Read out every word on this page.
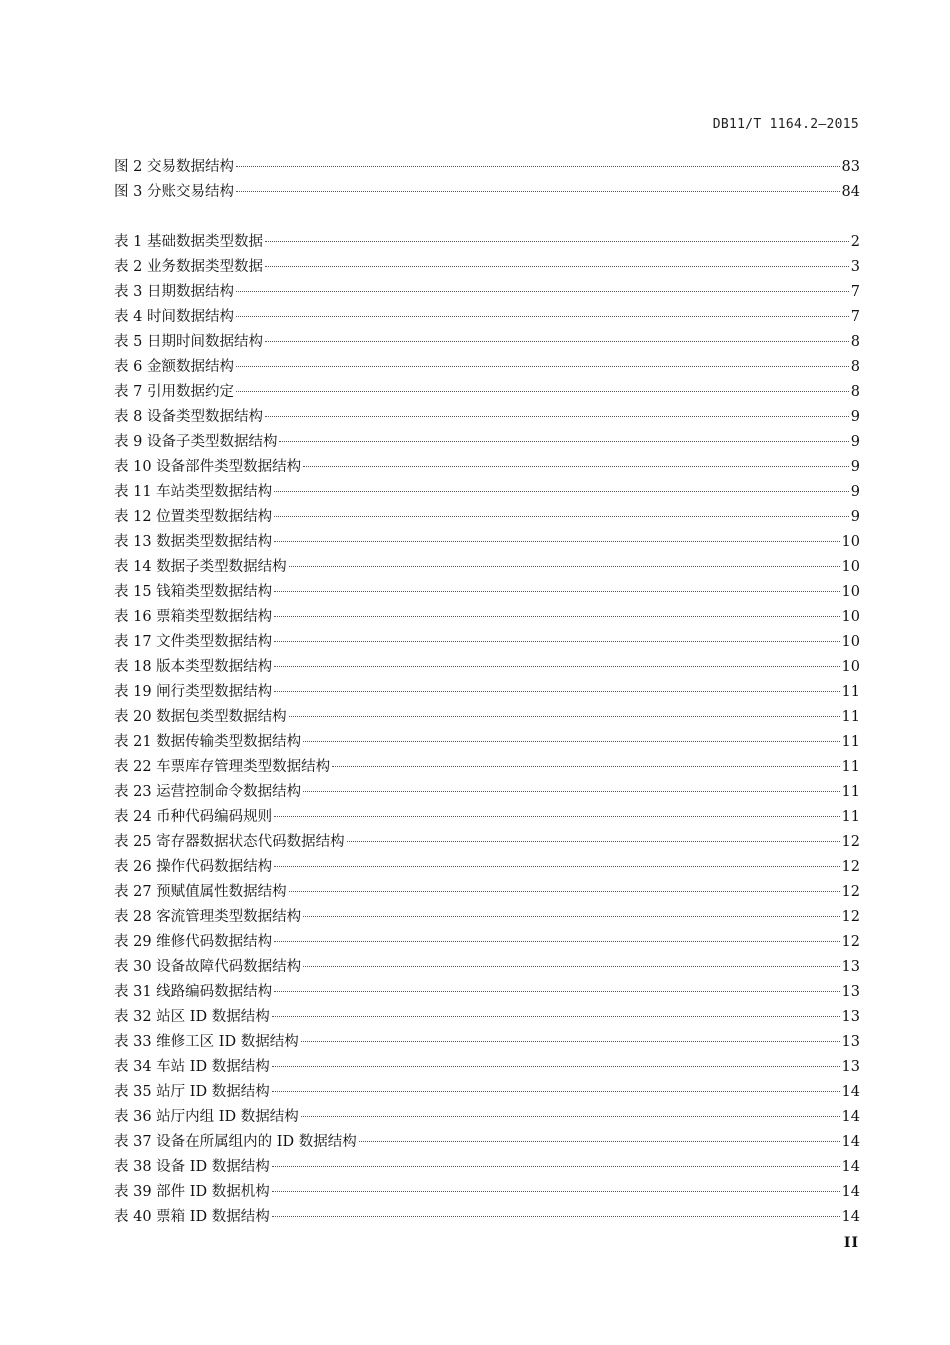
DB11/T 1164.2—2015
图 2 交易数据结构	83
图 3 分账交易结构	84
表 1 基础数据类型数据	2
表 2 业务数据类型数据	3
表 3 日期数据结构	7
表 4 时间数据结构	7
表 5 日期时间数据结构	8
表 6 金额数据结构	8
表 7 引用数据约定	8
表 8 设备类型数据结构	9
表 9 设备子类型数据结构	9
表 10 设备部件类型数据结构	9
表 11 车站类型数据结构	9
表 12 位置类型数据结构	9
表 13 数据类型数据结构	10
表 14 数据子类型数据结构	10
表 15 钱箱类型数据结构	10
表 16 票箱类型数据结构	10
表 17 文件类型数据结构	10
表 18 版本类型数据结构	10
表 19 闸行类型数据结构	11
表 20 数据包类型数据结构	11
表 21 数据传输类型数据结构	11
表 22 车票库存管理类型数据结构	11
表 23 运营控制命令数据结构	11
表 24 币种代码编码规则	11
表 25 寄存器数据状态代码数据结构	12
表 26 操作代码数据结构	12
表 27 预赋值属性数据结构	12
表 28 客流管理类型数据结构	12
表 29 维修代码数据结构	12
表 30 设备故障代码数据结构	13
表 31 线路编码数据结构	13
表 32 站区 ID 数据结构	13
表 33 维修工区 ID 数据结构	13
表 34 车站 ID 数据结构	13
表 35 站厅 ID 数据结构	14
表 36 站厅内组 ID 数据结构	14
表 37 设备在所属组内的 ID 数据结构	14
表 38 设备 ID 数据结构	14
表 39 部件 ID 数据机构	14
表 40 票箱 ID 数据结构	14
II
